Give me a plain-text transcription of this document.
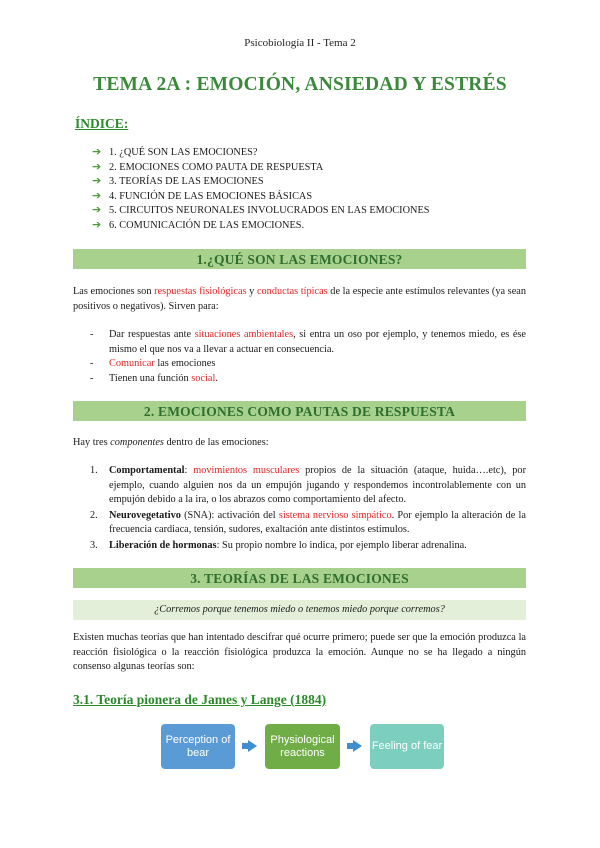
Psicobiología II - Tema 2
TEMA 2A : EMOCIÓN, ANSIEDAD Y ESTRÉS
ÍNDICE:
➔ 1. ¿QUÉ SON LAS EMOCIONES?
➔ 2. EMOCIONES COMO PAUTA DE RESPUESTA
➔ 3. TEORÍAS DE LAS EMOCIONES
➔ 4. FUNCIÓN DE LAS EMOCIONES BÁSICAS
➔ 5. CIRCUITOS NEURONALES INVOLUCRADOS EN LAS EMOCIONES
➔ 6. COMUNICACIÓN DE LAS EMOCIONES.
1.¿QUÉ SON LAS EMOCIONES?
Las emociones son respuestas fisiológicas y conductas típicas de la especie ante estímulos relevantes (ya sean positivos o negativos). Sirven para:
- Dar respuestas ante situaciones ambientales, si entra un oso por ejemplo, y tenemos miedo, es ése mismo el que nos va a llevar a actuar en consecuencia.
- Comunicar las emociones
- Tienen una función social.
2. EMOCIONES COMO PAUTAS DE RESPUESTA
Hay tres componentes dentro de las emociones:
1. Comportamental: movimientos musculares propios de la situación (ataque, huida….etc), por ejemplo, cuando alguien nos da un empujón jugando y respondemos incontrolablemente con un empujón debido a la ira, o los abrazos como comportamiento del afecto.
2. Neurovegetativo (SNA): activación del sistema nervioso simpático. Por ejemplo la alteración de la frecuencia cardiaca, tensión, sudores, exaltación ante distintos estímulos.
3. Liberación de hormonas: Su propio nombre lo indica, por ejemplo liberar adrenalina.
3. TEORÍAS DE LAS EMOCIONES
¿Corremos porque tenemos miedo o tenemos miedo porque corremos?
Existen muchas teorías que han intentado descifrar qué ocurre primero; puede ser que la emoción produzca la reacción fisiológica o la reacción fisiológica produzca la emoción. Aunque no se ha llegado a ningún consenso algunas teorías son:
3.1. Teoría pionera de James y Lange (1884)
Perception of bear
Physiological reactions
Feeling of fear
